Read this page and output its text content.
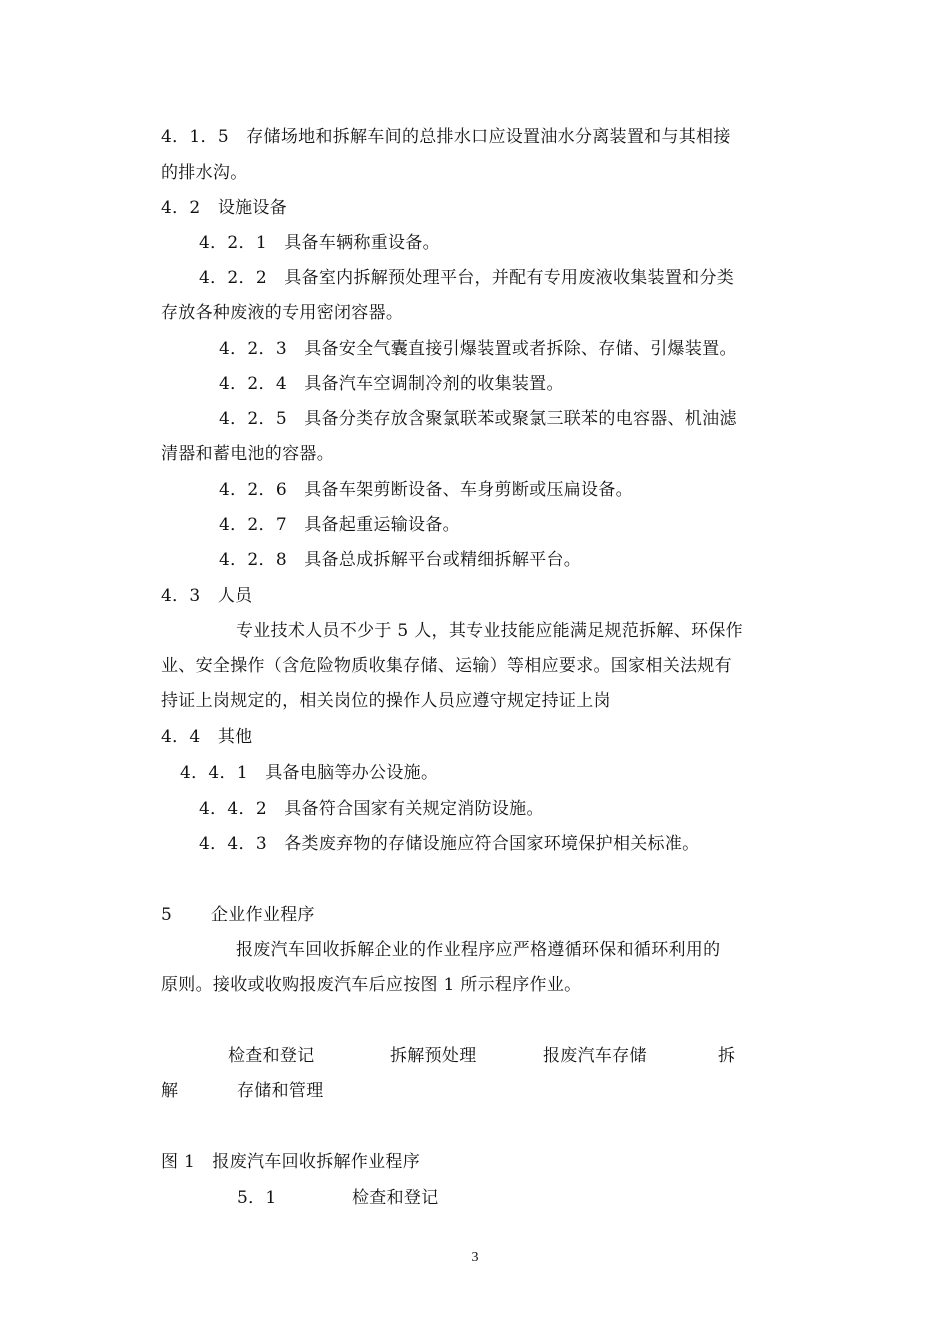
4．1．5　存储场地和拆解车间的总排水口应设置油水分离装置和与其相接
的排水沟。
4．2　设施设备
4．2．1　具备车辆称重设备。
4．2．2　具备室内拆解预处理平台，并配有专用废液收集装置和分类
存放各种废液的专用密闭容器。
4．2．3　具备安全气囊直接引爆装置或者拆除、存储、引爆装置。
4．2．4　具备汽车空调制冷剂的收集装置。
4．2．5　具备分类存放含聚氯联苯或聚氯三联苯的电容器、机油滤
清器和蓄电池的容器。
4．2．6　具备车架剪断设备、车身剪断或压扁设备。
4．2．7　具备起重运输设备。
4．2．8　具备总成拆解平台或精细拆解平台。
4．3　人员
专业技术人员不少于 5 人，其专业技能应能满足规范拆解、环保作
业、安全操作（含危险物质收集存储、运输）等相应要求。国家相关法规有
持证上岗规定的，相关岗位的操作人员应遵守规定持证上岗
4．4　其他
4．4．1　具备电脑等办公设施。
4．4．2　具备符合国家有关规定消防设施。
4．4．3　各类废弃物的存储设施应符合国家环境保护相关标准。
5 企业作业程序
报废汽车回收拆解企业的作业程序应严格遵循环保和循环利用的
原则。接收或收购报废汽车后应按图 1 所示程序作业。
检查和登记	拆解预处理	报废汽车存储	拆
解	存储和管理
图 1　报废汽车回收拆解作业程序
5．1	检查和登记
3
